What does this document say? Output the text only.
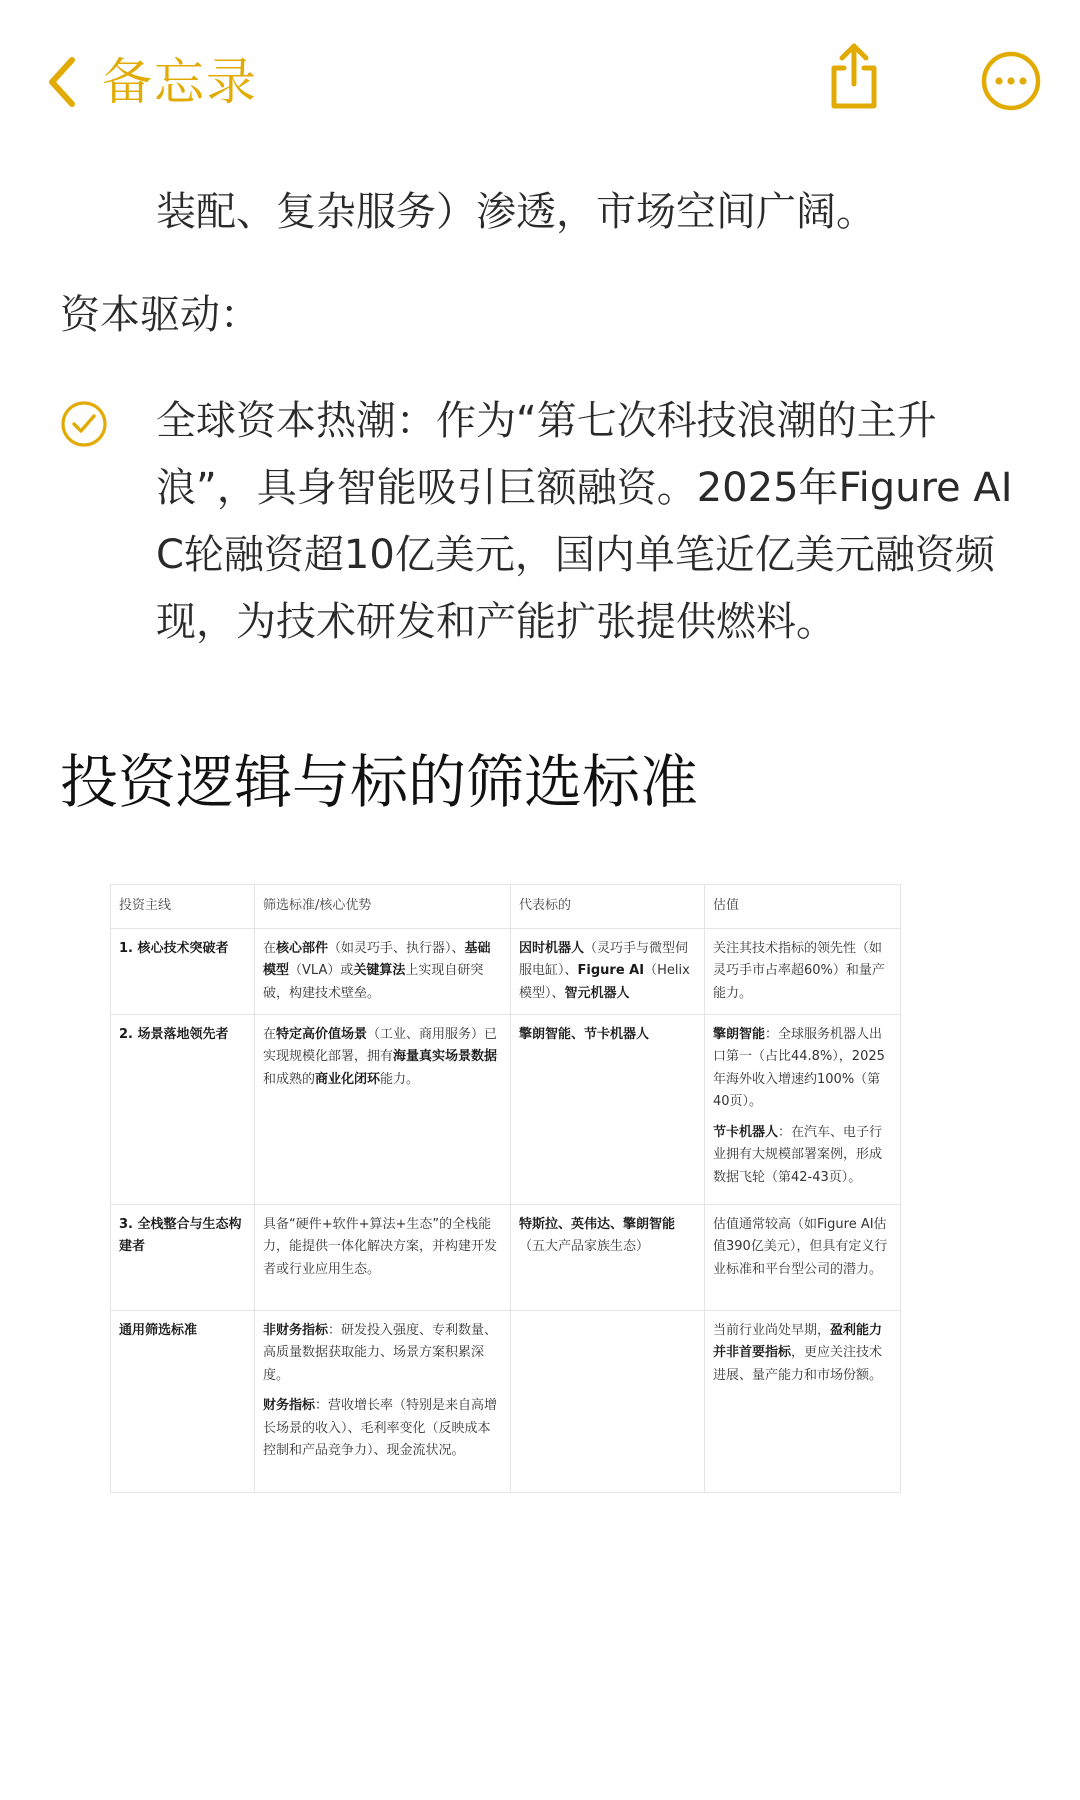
备忘录
装配、复杂服务）渗透，市场空间广阔。
资本驱动：
全球资本热潮：作为“第七次科技浪潮的主升浪”，具身智能吸引巨额融资。2025年Figure AI C轮融资超10亿美元，国内单笔近亿美元融资频现，为技术研发和产能扩张提供燃料。
投资逻辑与标的筛选标准
投资主线	筛选标准/核心优势	代表标的	估值
1. 核心技术突破者	在核心部件（如灵巧手、执行器）、基础模型（VLA）或关键算法上实现自研突破，构建技术壁垒。	因时机器人（灵巧手与微型伺服电缸）、Figure AI（Helix模型）、智元机器人	关注其技术指标的领先性（如灵巧手市占率超60%）和量产能力。
2. 场景落地领先者	在特定高价值场景（工业、商用服务）已实现规模化部署，拥有海量真实场景数据和成熟的商业化闭环能力。	擎朗智能、节卡机器人	擎朗智能：全球服务机器人出口第一（占比44.8%），2025年海外收入增速约100%（第40页）。
节卡机器人：在汽车、电子行业拥有大规模部署案例，形成数据飞轮（第42-43页）。

3. 全栈整合与生态构建者	具备“硬件+软件+算法+生态”的全栈能力，能提供一体化解决方案，并构建开发者或行业应用生态。	特斯拉、英伟达、擎朗智能
（五大产品家族生态）	估值通常较高（如Figure AI估值390亿美元），但具有定义行业标准和平台型公司的潜力。
通用筛选标准	非财务指标：研发投入强度、专利数量、高质量数据获取能力、场景方案积累深度。
财务指标：营收增长率（特别是来自高增长场景的收入）、毛利率变化（反映成本控制和产品竞争力）、现金流状况。		当前行业尚处早期，盈利能力并非首要指标，更应关注技术进展、量产能力和市场份额。
